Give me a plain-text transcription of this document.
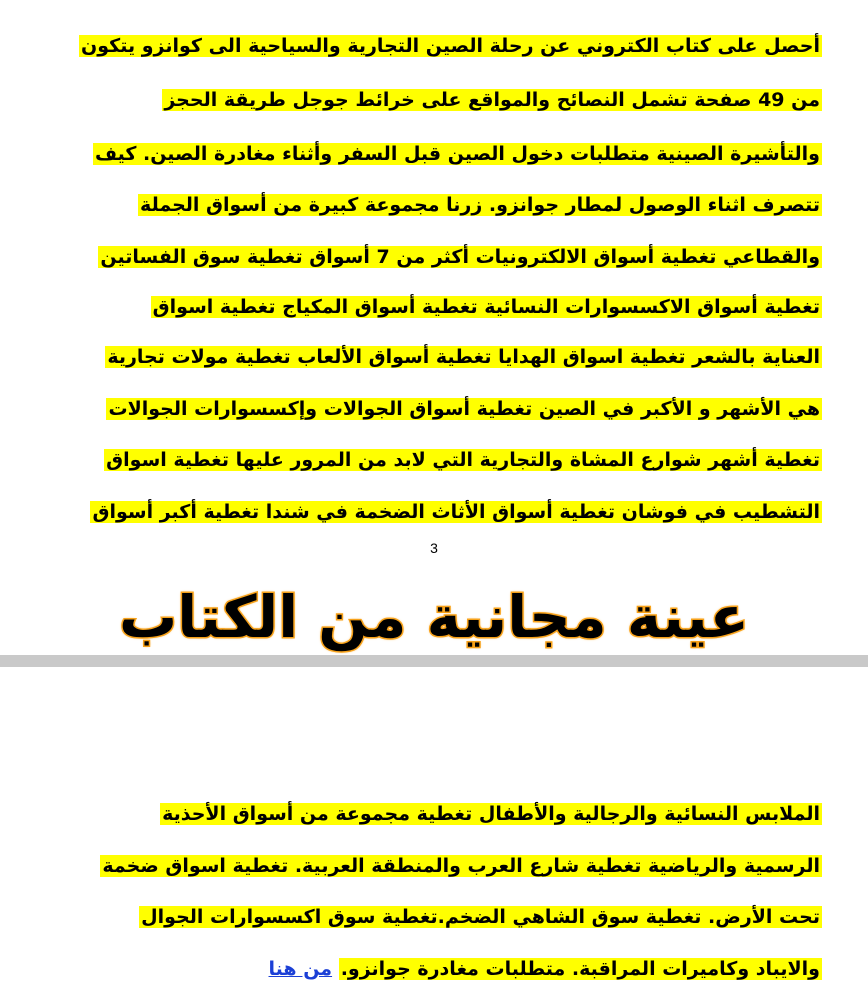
أحصل على كتاب الكتروني عن رحلة الصين التجارية والسياحية الى كوانزو يتكون
من 49 صفحة تشمل النصائح والمواقع على خرائط جوجل طريقة الحجز
والتأشيرة الصينية متطلبات دخول الصين قبل السفر وأثناء مغادرة الصين. كيف
تتصرف اثناء الوصول لمطار جوانزو. زرنا مجموعة كبيرة من أسواق الجملة
والقطاعي تغطية أسواق الالكترونيات أكثر من 7 أسواق تغطية سوق الفساتين
تغطية أسواق الاكسسوارات النسائية تغطية أسواق المكياج تغطية اسواق
العناية بالشعر تغطية اسواق الهدايا تغطية أسواق الألعاب تغطية مولات تجارية
هي الأشهر و الأكبر في الصين تغطية أسواق الجوالات وإكسسوارات الجوالات
تغطية أشهر شوارع المشاة والتجارية التي لابد من المرور عليها تغطية اسواق
التشطيب في فوشان تغطية أسواق الأثاث الضخمة في شندا تغطية أكبر أسواق
3
الملابس النسائية والرجالية والأطفال تغطية مجموعة من أسواق الأحذية
الرسمية والرياضية تغطية شارع العرب والمنطقة العربية. تغطية اسواق ضخمة
تحت الأرض. تغطية سوق الشاهي الضخم.تغطية سوق اكسسوارات الجوال
والايباد وكاميرات المراقبة. متطلبات مغادرة جوانزو. من هنا
عينة مجانية من الكتاب
